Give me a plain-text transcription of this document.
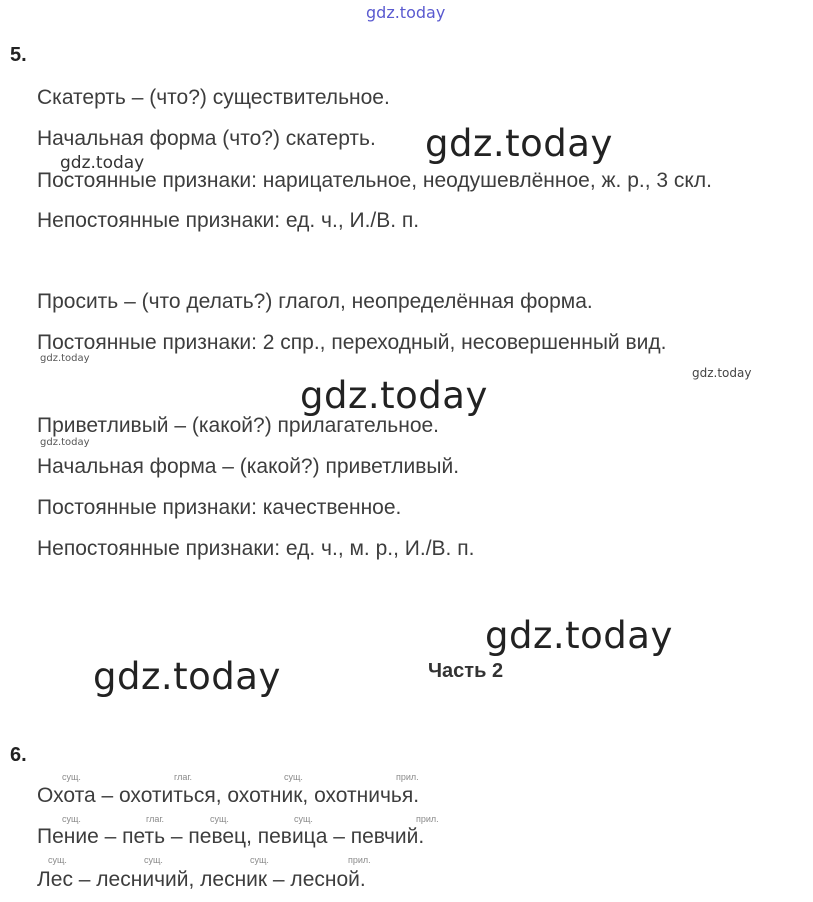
gdz.today
5.
Скатерть – (что?) существительное.
Начальная форма (что?) скатерть.
Постоянные признаки: нарицательное, неодушевлённое, ж. р., 3 скл.
Непостоянные признаки: ед. ч., И./В. п.
Просить – (что делать?) глагол, неопределённая форма.
Постоянные признаки: 2 спр., переходный, несовершенный вид.
Приветливый – (какой?) прилагательное.
Начальная форма – (какой?) приветливый.
Постоянные признаки: качественное.
Непостоянные признаки: ед. ч., м. р., И./В. п.
gdz.today
gdz.today
gdz.today
gdz.today
gdz.today
gdz.today
gdz.today
gdz.today	Часть 2
6.
сущ.	глаг.	сущ.	прил.
Охота – охотиться, охотник, охотничья.
сущ.	глаг.	сущ.	сущ.	прил.
Пение – петь – певец, певица – певчий.
сущ.	сущ.	сущ.	прил.
Лес – лесничий, лесник – лесной.
